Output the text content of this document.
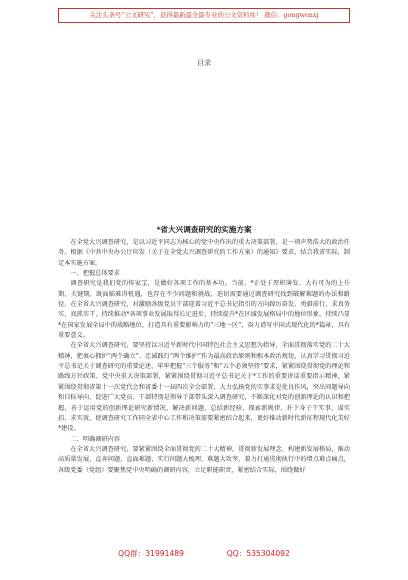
关注头条号“公文研究”，获得最新最全最专业的公文资料库！ 微信：gongwenxj
目录
*省大兴调查研究的实施方案

在全党大兴调查研究，是以习近平同志为核心的党中央作出的重大决策部署，是一项声势浩大的政治任务。根据《中共中央办公厅印发（关于在全党大兴调查研究的工作方案）的通知》要求，结合我省实际，制定本实施方案。

一、把握总体要求

调查研究是我们党的传家宝，是做好各项工作的基本功。当前，*正处于厚积薄发、大有可为的上升期、关键期，既面临难得机遇，也存在不少问题和挑战，迫切需要通过调查研究找到破解难题的办法和路径。在全省大兴调查研究，对激励各级党员干部迎着习近平总书记指引的方向踔厉奋发、勇毅前行，求真务实、真抓实干，持续推动*各项事业发展取得长足进步，持续提升*在区域发展格局中的地位形象，持续凸显*在国家发展全局中的战略地位，打造具有重要影响力的“三地一区”，奋力谱写中国式现代化的*篇章，具有重要意义。

在全省大兴调查研究，要坚持以习近平新时代中国特色社会主义思想为指导，全面贯彻落实党的二十大精神，把衷心拥护“两个确立”、忠诚践行“两个维护”作为最高政治原则和根本政治规矩，认真学习贯彻习近平总书记关于调查研究的重要论述，牢牢把握“三个服务”和“五个必须坚持”要求，紧紧围绕贯彻党的理论和路线方针政策、党中央重大决策部署，紧紧围绕贯彻习近平总书记关于*工作的重要讲话重要指示精神，紧紧围绕贯彻省第十一次党代会和省委十一届四次全会部署，大力弘扬党的实事求是优良作风，突出问题导向和目标导向，促进广大党员、干部特别是领导干部带头深入调查研究，不断深化对党的创新理论的认识和把握，善于运用党的创新理论研究新情况、解决新问题，总结新经验、探索新规律，扑下身子干实事、谋实招、求实效，使调查研究工作同全省中心工作和决策需要紧密结合起来，更好推动新时代新征程现代化美好*建设。

二、明确调研内容

在全省大兴调查研究，要紧紧围绕全面贯彻党的二十大精神，贯彻新发展理念、构建新发展格局，推动高质量发展，直奔问题、直面难题，实行问题大梳理、难题大攻坚，着力打通贯彻执行中的堵点难点痛点，各级党委（党组）要聚焦党中央明确的调研内容，立足职能职责，紧密结合实际，围绕做好

QQ群：31991489	QQ：535304092
